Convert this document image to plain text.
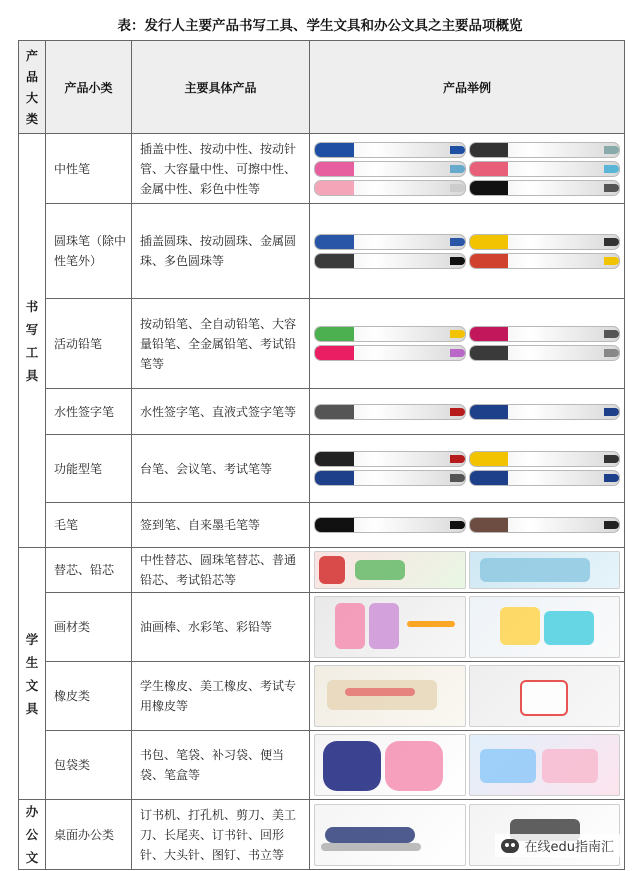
表：发行人主要产品书写工具、学生文具和办公文具之主要品项概览
产品大类	产品小类	主要具体产品	产品举例
书写工具	中性笔	插盖中性、按动中性、按动针管、大容量中性、可擦中性、金属中性、彩色中性等	

	圆珠笔（除中性笔外）	插盖圆珠、按动圆珠、金属圆珠、多色圆珠等	

	活动铅笔	按动铅笔、全自动铅笔、大容量铅笔、全金属铅笔、考试铅笔等	

	水性签字笔	水性签字笔、直液式签字笔等	

	功能型笔	台笔、会议笔、考试笔等	

	毛笔	签到笔、自来墨毛笔等	

学生文具	替芯、铅芯	中性替芯、圆珠笔替芯、普通铅芯、考试铅芯等	

	画材类	油画棒、水彩笔、彩铅等	

	橡皮类	学生橡皮、美工橡皮、考试专用橡皮等	

	包袋类	书包、笔袋、补习袋、便当袋、笔盒等	

办公文	桌面办公类	订书机、打孔机、剪刀、美工刀、长尾夹、订书针、回形针、大头针、图钉、书立等		在线edu指南汇
